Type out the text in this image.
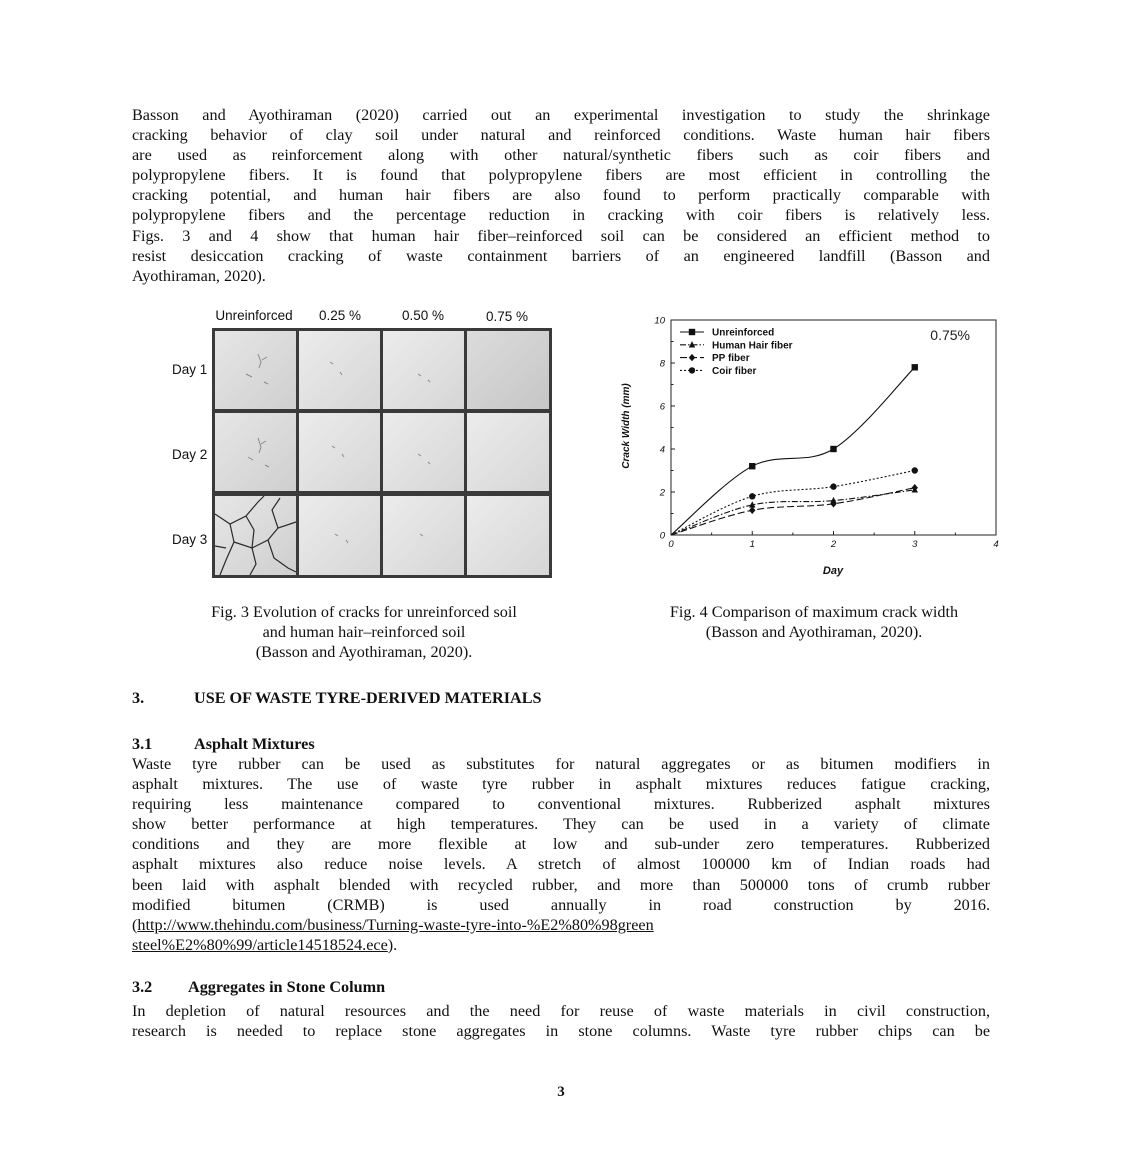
Basson and Ayothiraman (2020) carried out an experimental investigation to study the shrinkage
cracking behavior of clay soil under natural and reinforced conditions. Waste human hair fibers
are used as reinforcement along with other natural/synthetic fibers such as coir fibers and
polypropylene fibers. It is found that polypropylene fibers are most efficient in controlling the
cracking potential, and human hair fibers are also found to perform practically comparable with
polypropylene fibers and the percentage reduction in cracking with coir fibers is relatively less.
Figs. 3 and 4 show that human hair fiber–reinforced soil can be considered an efficient method to
resist desiccation cracking of waste containment barriers of an engineered landfill (Basson and
Ayothiraman, 2020).
Unreinforced 0.25 %	0.50 %	0.75 %
Day 1
Day 2
Day 3	0	1	2	3	4
0
2
4
6
8
10
Unreinforced
Human Hair fiber
PP fiber
Coir fiber
0.75%
Day
Crack Width (mm)
Fig. 3 Evolution of cracks for unreinforced soil
and human hair–reinforced soil
(Basson and Ayothiraman, 2020).
Fig. 4 Comparison of maximum crack width
(Basson and Ayothiraman, 2020).
3.	USE OF WASTE TYRE-DERIVED MATERIALS
3.1	Asphalt Mixtures
Waste tyre rubber can be used as substitutes for natural aggregates or as bitumen modifiers in
asphalt mixtures. The use of waste tyre rubber in asphalt mixtures reduces fatigue cracking,
requiring less maintenance compared to conventional mixtures. Rubberized asphalt mixtures
show better performance at high temperatures. They can be used in a variety of climate
conditions and they are more flexible at low and sub-under zero temperatures. Rubberized
asphalt mixtures also reduce noise levels. A stretch of almost 100000 km of Indian roads had
been laid with asphalt blended with recycled rubber, and more than 500000 tons of crumb rubber
modified bitumen (CRMB) is used annually in road construction by 2016.
(http://www.thehindu.com/business/Turning-waste-tyre-into-%E2%80%98green
steel%E2%80%99/article14518524.ece).
3.2 Aggregates in Stone Column
In depletion of natural resources and the need for reuse of waste materials in civil construction,
research is needed to replace stone aggregates in stone columns. Waste tyre rubber chips can be
3
